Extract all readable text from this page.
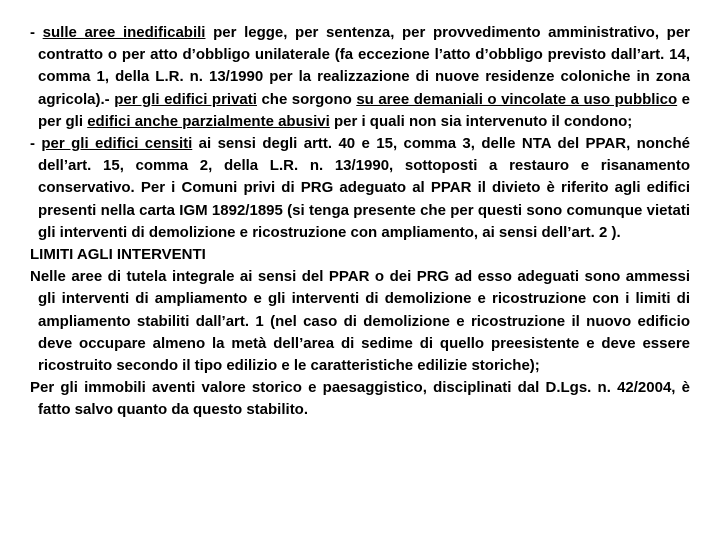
- sulle aree inedificabili per legge, per sentenza, per provvedimento amministrativo, per contratto o per atto d’obbligo unilaterale (fa eccezione l’atto d’obbligo previsto dall’art. 14, comma 1, della L.R. n. 13/1990 per la realizzazione di nuove residenze coloniche in zona agricola).- per gli edifici privati che sorgono su aree demaniali o vincolate a uso pubblico e per gli edifici anche parzialmente abusivi per i quali non sia intervenuto il condono;

- per gli edifici censiti ai sensi degli artt. 40 e 15, comma 3, delle NTA del PPAR, nonché dell’art. 15, comma 2, della L.R. n. 13/1990, sottoposti a restauro e risanamento conservativo. Per i Comuni privi di PRG adeguato al PPAR il divieto è riferito agli edifici presenti nella carta IGM 1892/1895 (si tenga presente che per questi sono comunque vietati gli interventi di demolizione e ricostruzione con ampliamento, ai sensi dell’art. 2 ).

LIMITI AGLI INTERVENTI

Nelle aree di tutela integrale ai sensi del PPAR o dei PRG ad esso adeguati sono ammessi gli interventi di ampliamento e gli interventi di demolizione e ricostruzione con i limiti di ampliamento stabiliti dall’art. 1 (nel caso di demolizione e ricostruzione il nuovo edificio deve occupare almeno la metà dell’area di sedime di quello preesistente e deve essere ricostruito secondo il tipo edilizio e le caratteristiche edilizie storiche);

Per gli immobili aventi valore storico e paesaggistico, disciplinati dal D.Lgs. n. 42/2004, è fatto salvo quanto da questo stabilito.
